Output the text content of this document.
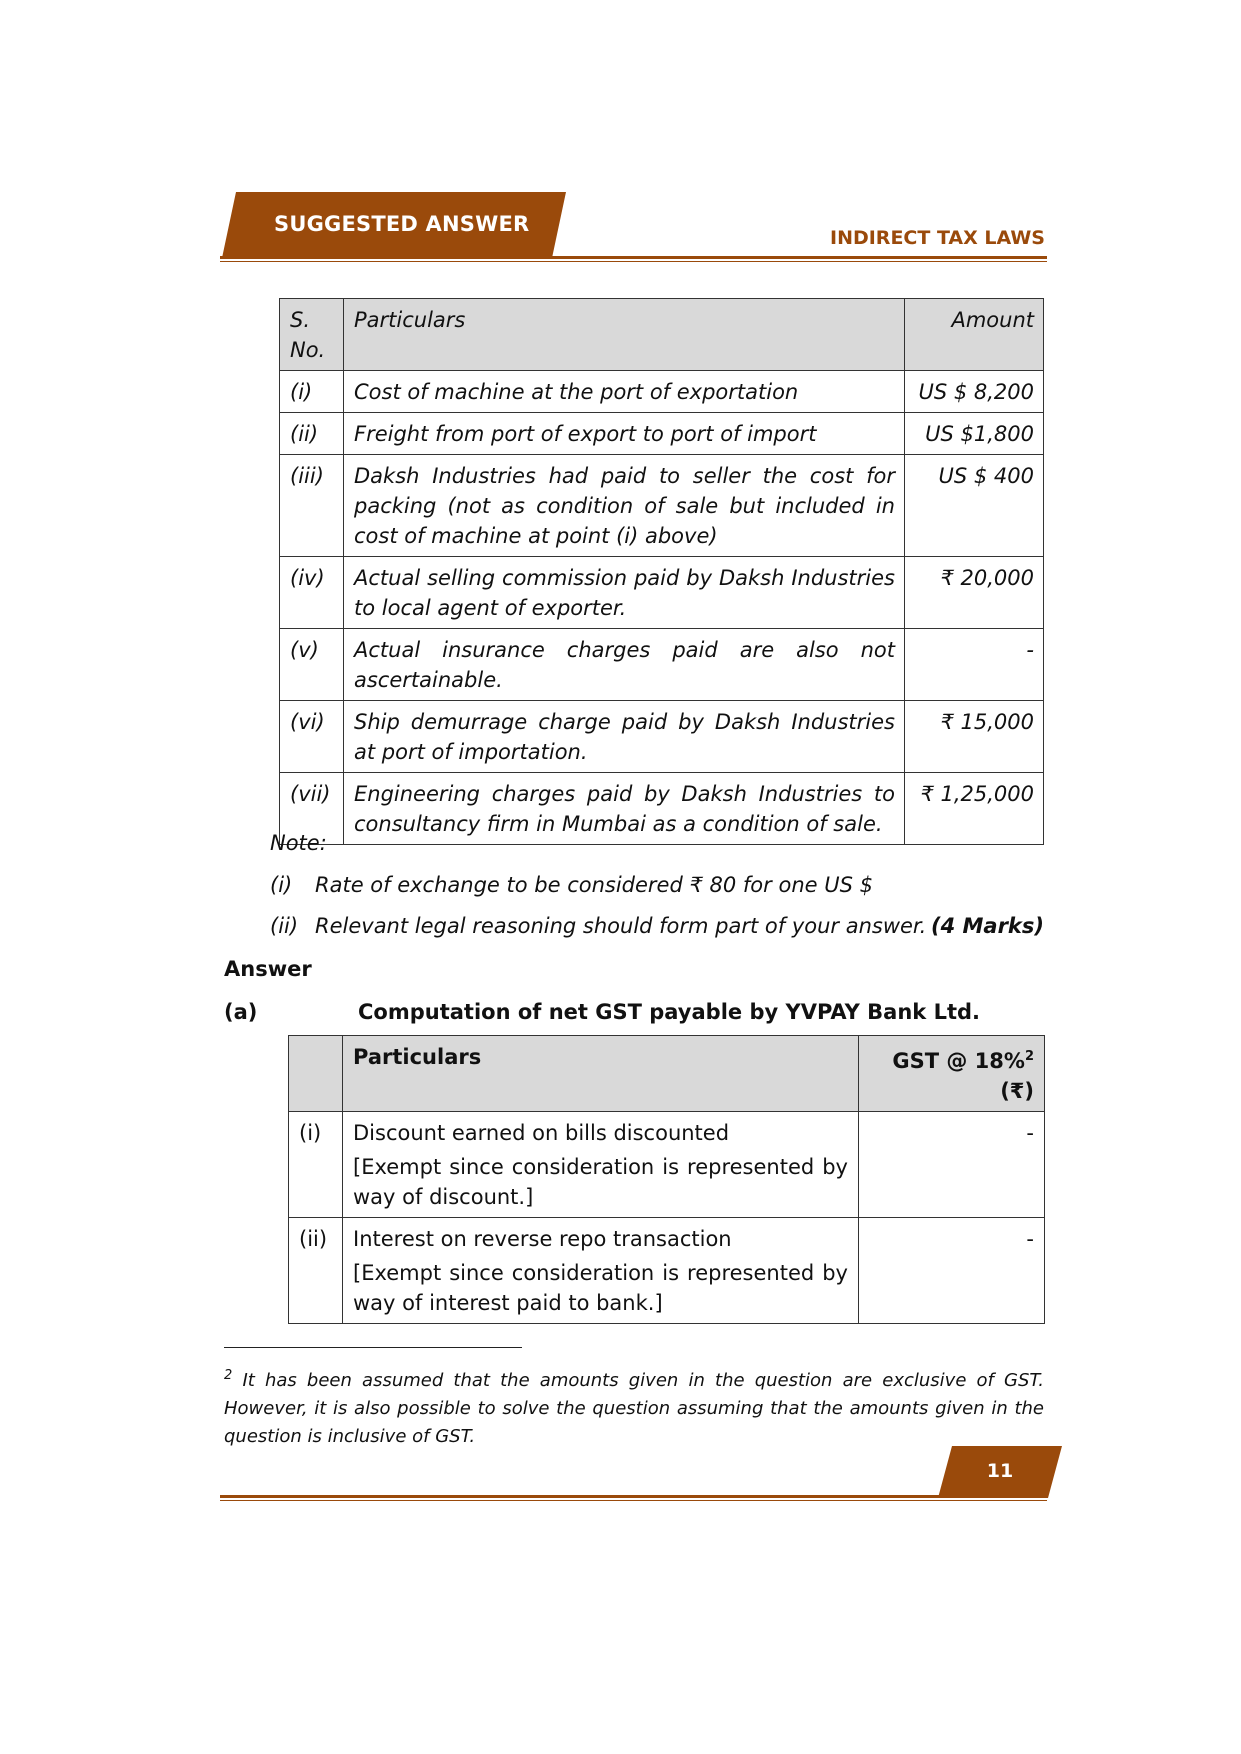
SUGGESTED ANSWER
INDIRECT TAX LAWS
S. No.	Particulars	Amount
(i)	Cost of machine at the port of exportation	US $ 8,200
(ii)	Freight from port of export to port of import	US $1,800
(iii)	Daksh Industries had paid to seller the cost for packing (not as condition of sale but included in cost of machine at point (i) above)	US $ 400
(iv)	Actual selling commission paid by Daksh Industries to local agent of exporter.	₹ 20,000
(v)	Actual insurance charges paid are also not ascertainable.	-
(vi)	Ship demurrage charge paid by Daksh Industries at port of importation.	₹ 15,000
(vii)	Engineering charges paid by Daksh Industries to consultancy firm in Mumbai as a condition of sale.	₹ 1,25,000
Note:
(i) Rate of exchange to be considered ₹ 80 for one US $
(ii) Relevant legal reasoning should form part of your answer. (4 Marks)
Answer
(a)	Computation of net GST payable by YVPAY Bank Ltd.
	Particulars	GST @ 18%$^2$
(₹)
(i)	Discount earned on bills discounted
[Exempt since consideration is represented by way of discount.]	-
(ii)	Interest on reverse repo transaction
[Exempt since consideration is represented by way of interest paid to bank.]	-
$^2$ It has been assumed that the amounts given in the question are exclusive of GST. However, it is also possible to solve the question assuming that the amounts given in the question is inclusive of GST.
11
